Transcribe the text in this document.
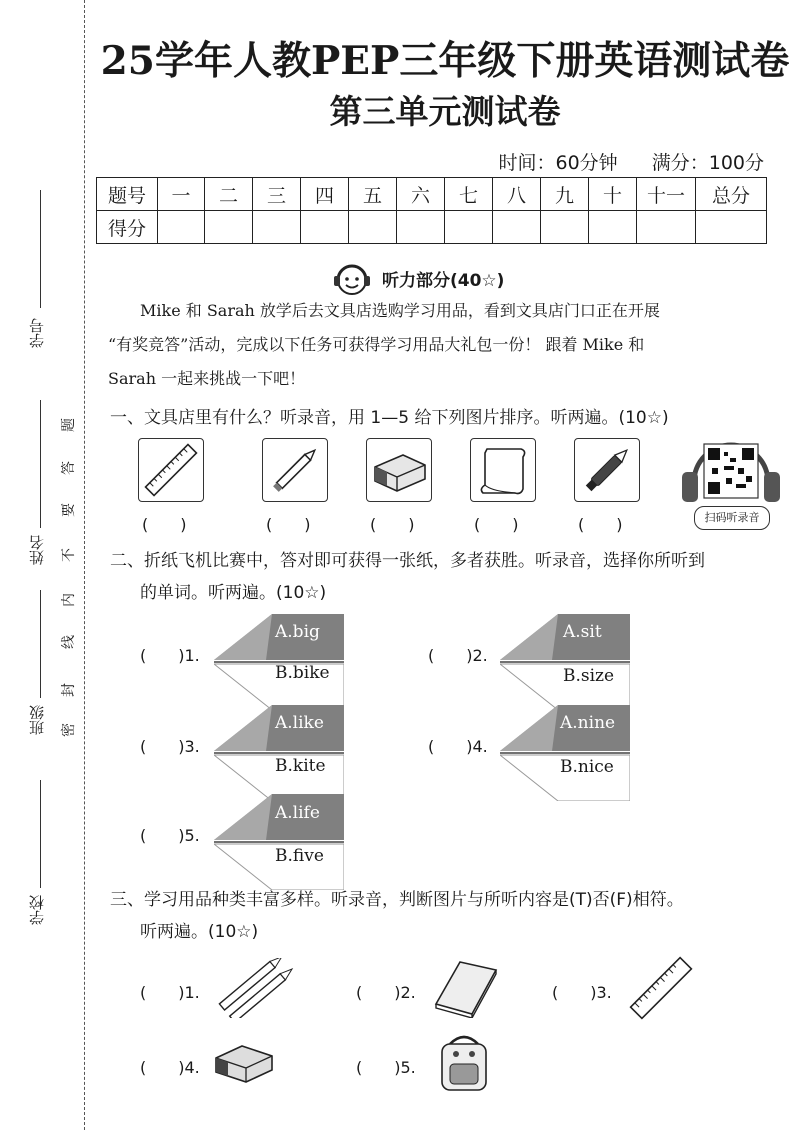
学号
姓名
班级
学校
密
封
线
内
不
要
答
题
25学年人教PEP三年级下册英语测试卷
第三单元测试卷
时间：60分钟 满分：100分
题号	一	二	三	四	五	六	七	八	九	十	十一	总分
得分												
听力部分(40☆)
Mike 和 Sarah 放学后去文具店选购学习用品，看到文具店门口正在开展
“有奖竞答”活动，完成以下任务可获得学习用品大礼包一份！ 跟着 Mike 和
Sarah 一起来挑战一下吧！
一、文具店里有什么？听录音，用 1—5 给下列图片排序。听两遍。(10☆)
(　　)	(　　)	(　　)	(　　)	(　　)	扫码听录音
二、折纸飞机比赛中，答对即可获得一张纸，多者获胜。听录音，选择你所听到
的单词。听两遍。(10☆)
(　　)1.
A.big
B.bike
(　　)2.
A.sit
B.size
(　　)3.
A.like
B.kite
(　　)4.
A.nine
B.nice
(　　)5.
A.life
B.five
三、学习用品种类丰富多样。听录音，判断图片与所听内容是(T)否(F)相符。
听两遍。(10☆)
(　　)1.	(　　)2.	(　　)3.
(　　)4.	(　　)5.
